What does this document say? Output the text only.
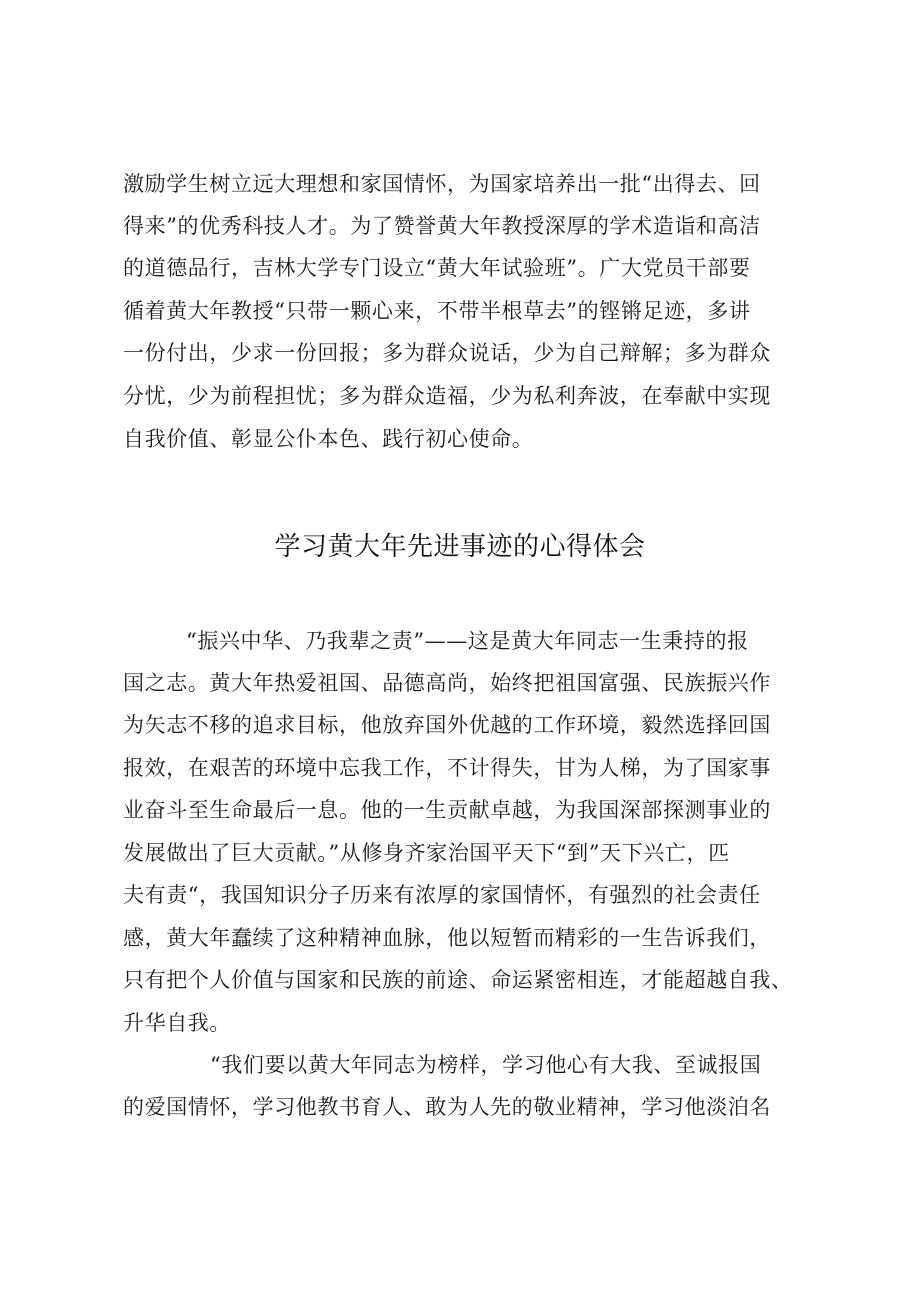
激励学生树立远大理想和家国情怀，为国家培养出一批“出得去、回
得来”的优秀科技人才。为了赞誉黄大年教授深厚的学术造诣和高洁
的道德品行，吉林大学专门设立“黄大年试验班”。广大党员干部要
循着黄大年教授“只带一颗心来，不带半根草去”的铿锵足迹，多讲
一份付出，少求一份回报；多为群众说话，少为自己辩解；多为群众
分忧，少为前程担忧；多为群众造福，少为私利奔波，在奉献中实现
自我价值、彰显公仆本色、践行初心使命。
学习黄大年先进事迹的心得体会
“振兴中华、乃我辈之责”——这是黄大年同志一生秉持的报
国之志。黄大年热爱祖国、品德高尚，始终把祖国富强、民族振兴作
为矢志不移的追求目标，他放弃国外优越的工作环境，毅然选择回国
报效，在艰苦的环境中忘我工作，不计得失，甘为人梯，为了国家事
业奋斗至生命最后一息。他的一生贡献卓越，为我国深部探测事业的
发展做出了巨大贡献。”从修身齐家治国平天下“到”天下兴亡，匹
夫有责“，我国知识分子历来有浓厚的家国情怀，有强烈的社会责任
感，黄大年蠢续了这种精神血脉，他以短暂而精彩的一生告诉我们，
只有把个人价值与国家和民族的前途、命运紧密相连，才能超越自我、
升华自我。
“我们要以黄大年同志为榜样，学习他心有大我、至诚报国
的爱国情怀，学习他教书育人、敢为人先的敬业精神，学习他淡泊名
